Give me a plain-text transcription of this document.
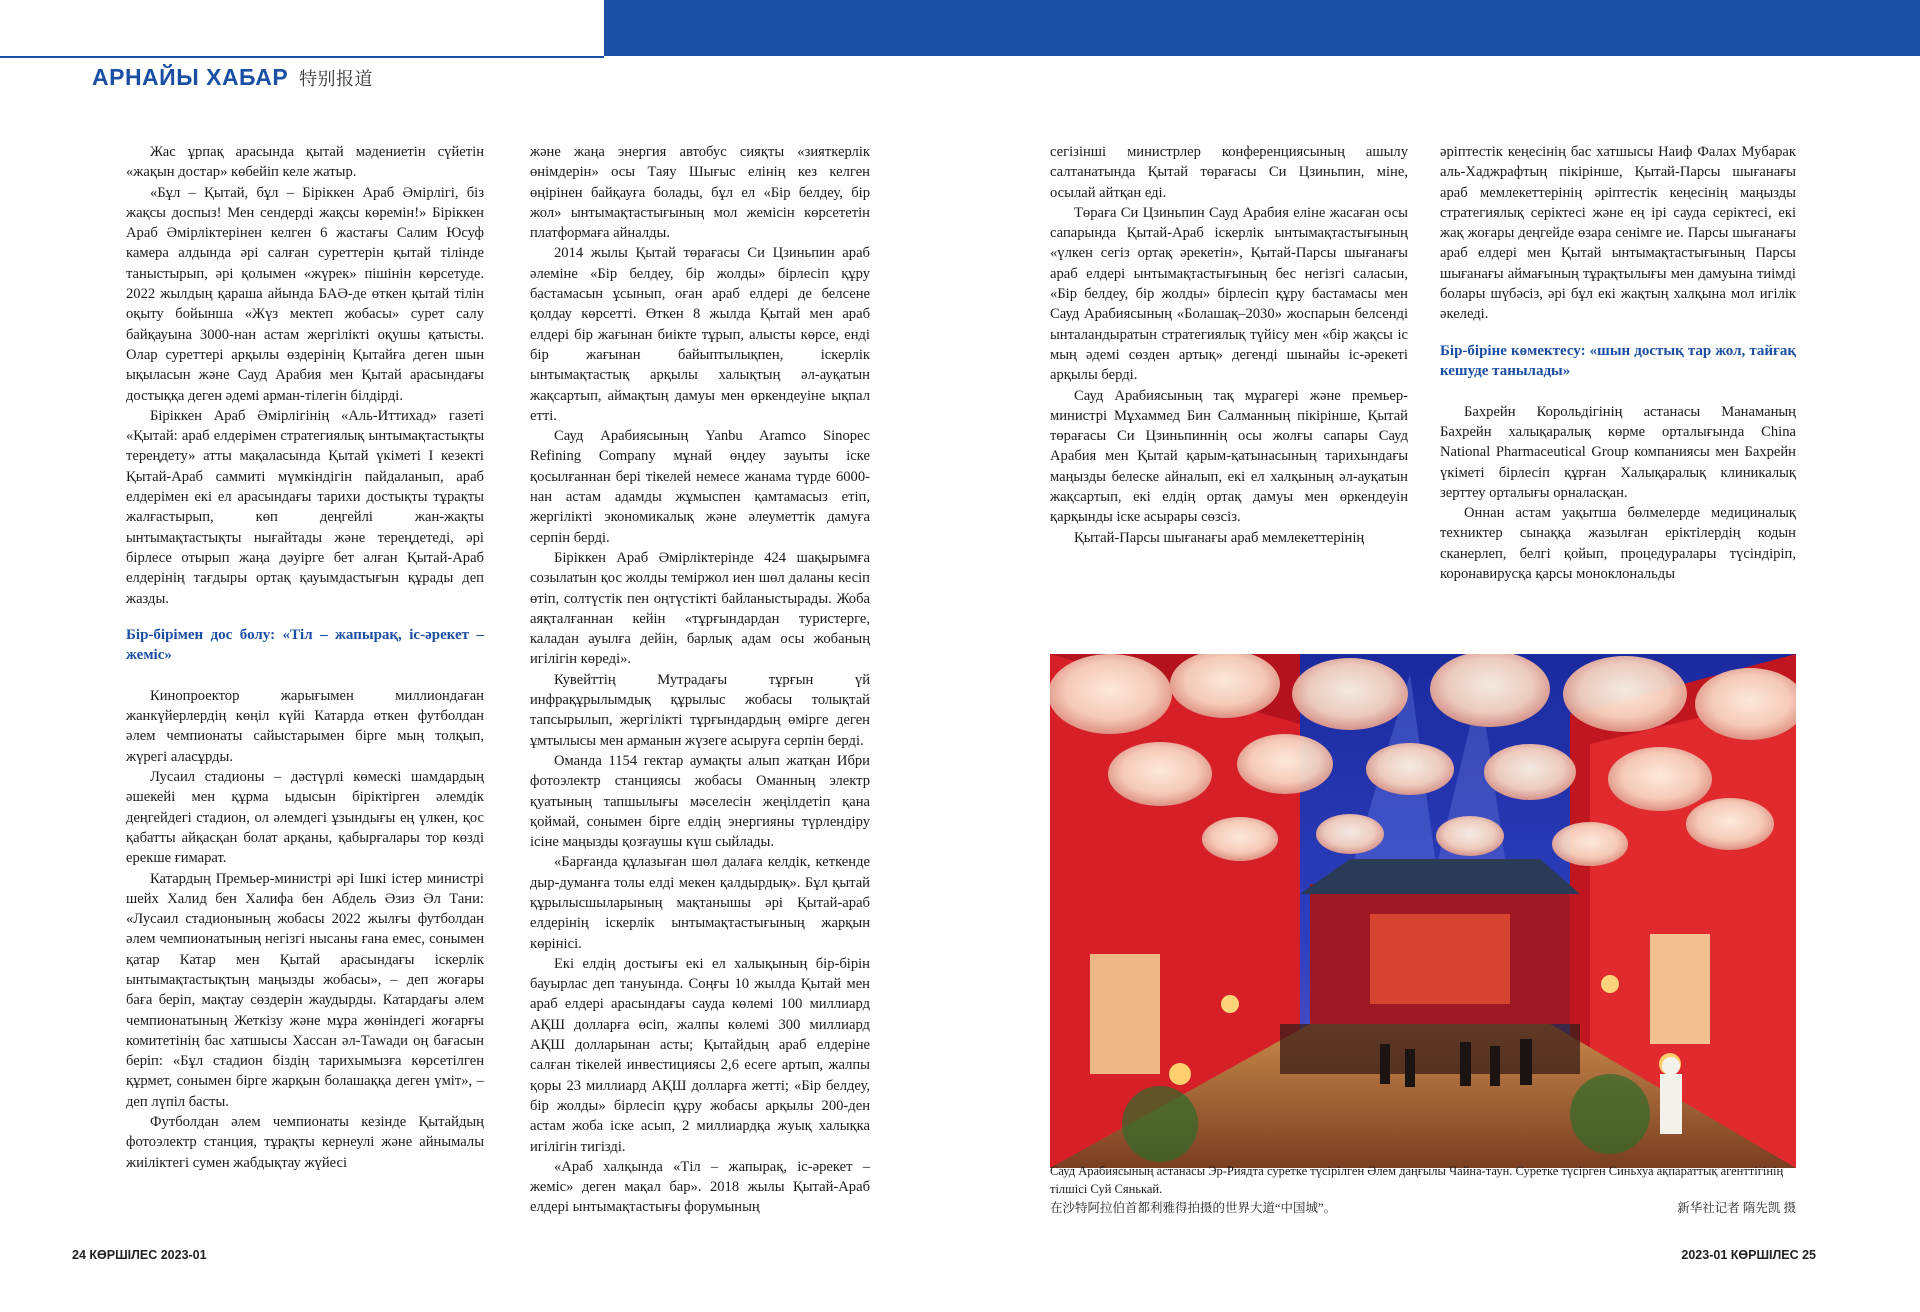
АРНАЙЫ ХАБАР 特别报道

Жас ұрпақ арасында қытай мәдениетін сүйетін «жақын достар» көбейіп келе жатыр.

«Бұл – Қытай, бұл – Біріккен Араб Әмірлігі, біз жақсы доспыз! Мен сендерді жақсы көремін!» Біріккен Араб Әмірліктерінен келген 6 жастағы Салим Юсуф камера алдында әрі салған суреттерін қытай тілінде таныстырып, әрі қолымен «жүрек» пішінін көрсетуде. 2022 жылдың қараша айында БАӘ-де өткен қытай тілін оқыту бойынша «Жүз мектеп жобасы» сурет салу байқауына 3000-нан астам жергілікті оқушы қатысты. Олар суреттері арқылы өздерінің Қытайға деген шын ықыласын және Сауд Арабия мен Қытай арасындағы достыққа деген әдемі арман-тілегін білдірді.

Біріккен Араб Әмірлігінің «Аль-Иттихад» газеті «Қытай: араб елдерімен стратегиялық ынтымақтастықты тереңдету» атты мақаласында Қытай үкіметі I кезекті Қытай-Араб саммиті мүмкіндігін пайдаланып, араб елдерімен екі ел арасындағы тарихи достықты тұрақты жалғастырып, көп деңгейлі жан-жақты ынтымақтастықты нығайтады және тереңдетеді, әрі бірлесе отырып жаңа дәуірге бет алған Қытай-Араб елдерінің тағдыры ортақ қауымдастығын құрады деп жазды.

Бір-бірімен дос болу: «Тіл – жапырақ, іс-әрекет – жеміс»

Кинопроектор жарығымен миллиондаған жанкүйерлердің көңіл күйі Катарда өткен футболдан әлем чемпионаты сайыстарымен бірге мың толқып, жүрегі аласұрды.

Лусаил стадионы – дәстүрлі көмескі шамдардың әшекейі мен құрма ыдысын біріктірген әлемдік деңгейдегі стадион, ол әлемдегі ұзындығы ең үлкен, қос қабатты айқасқан болат арқаны, қабырғалары тор көзді ерекше ғимарат.

Катардың Премьер-министрі әрі Ішкі істер министрі шейх Халид бен Халифа бен Абдель Әзиз Әл Тани: «Лусаил стадионының жобасы 2022 жылғы футболдан әлем чемпионатының негізгі нысаны ғана емес, сонымен қатар Катар мен Қытай арасындағы іскерлік ынтымақтастықтың маңызды жобасы», – деп жоғары баға беріп, мақтау сөздерін жаудырды. Катардағы әлем чемпионатының Жеткізу және мұра жөніндегі жоғарғы комитетінің бас хатшысы Хассан әл-Таwади оң бағасын беріп: «Бұл стадион біздің тарихымызға көрсетілген құрмет, сонымен бірге жарқын болашаққа деген үміт», – деп лүпіл басты.

Футболдан әлем чемпионаты кезінде Қытайдың фотоэлектр станция, тұрақты кернеулі және айнымалы жиіліктегі сумен жабдықтау жүйесі

және жаңа энергия автобус сияқты «зияткерлік өнімдерін» осы Таяу Шығыс елінің кез келген өңірінен байқауға болады, бұл ел «Бір белдеу, бір жол» ынтымақтастығының мол жемісін көрсететін платформаға айналды.

2014 жылы Қытай төрағасы Си Цзиньпин араб әлеміне «Бір белдеу, бір жолды» бірлесіп құру бастамасын ұсынып, оған араб елдері де белсене қолдау көрсетті. Өткен 8 жылда Қытай мен араб елдері бір жағынан биікте тұрып, алысты көрсе, енді бір жағынан байыптылықпен, іскерлік ынтымақтастық арқылы халықтың әл-ауқатын жақсартып, аймақтың дамуы мен өркендеуіне ықпал етті.

Сауд Арабиясының Yanbu Aramco Sinopec Refining Company мұнай өңдеу зауыты іске қосылғаннан бері тікелей немесе жанама түрде 6000-нан астам адамды жұмыспен қамтамасыз етіп, жергілікті экономикалық және әлеуметтік дамуға серпін берді.

Біріккен Араб Әмірліктерінде 424 шақырымға созылатын қос жолды теміржол иен шөл даланы кесіп өтіп, солтүстік пен оңтүстікті байланыстырады. Жоба аяқталғаннан кейін «тұрғындардан туристерге, каладан ауылға дейін, барлық адам осы жобаның игілігін көреді».

Кувейттің Мутрадағы тұрғын үй инфрақұрылымдық құрылыс жобасы толықтай тапсырылып, жергілікті тұрғындардың өміргe деген ұмтылысы мен арманын жүзеге асыруға серпін берді.

Оманда 1154 гектар аумақты алып жатқан Ибри фотоэлектр станциясы жобасы Оманның электр қуатының тапшылығы мәселесін жеңілдетіп қана қоймай, сонымен бірге елдің энергияны түрлендіру ісіне маңызды қозғаушы күш сыйлады.

«Барғанда құлазыған шөл далаға келдік, кеткенде дыр-думанға толы елді мекен қалдырдық». Бұл қытай құрылысшыларының мақтанышы әрі Қытай-араб елдерінің іскерлік ынтымақтастығының жарқын көрінісі.

Екі елдің достығы екі ел халықының бір-бірін бауырлас деп тануында. Соңғы 10 жылда Қытай мен араб елдері арасындағы сауда көлемі 100 миллиард АҚШ долларға өсіп, жалпы көлемі 300 миллиард АҚШ долларынан асты; Қытайдың араб елдеріне салған тікелей инвестициясы 2,6 есеге артып, жалпы қоры 23 миллиард АҚШ долларға жетті; «Бір белдеу, бір жолды» бірлесіп құру жобасы арқылы 200-ден астам жоба іске асып, 2 миллиардқа жуық халықка игілігін тигізді.

«Араб халқында «Тіл – жапырақ, іс-әрекет – жеміс» деген мақал бар». 2018 жылы Қытай-Араб елдері ынтымақтастығы форумының

сегізінші министрлер конференциясының ашылу салтанатында Қытай төрағасы Си Цзиньпин, міне, осылай айтқан еді.

Төраға Си Цзиньпин Сауд Арабия еліне жасаған осы сапарында Қытай-Араб іскерлік ынтымақтастығының «үлкен сегіз ортақ әрекетін», Қытай-Парсы шығанағы араб елдері ынтымақтастығының бес негізгі саласын, «Бір белдеу, бір жолды» бірлесіп құру бастамасы мен Сауд Арабиясының «Болашақ–2030» жоспарын белсенді ынталандыратын стратегиялық түйісу мен «бір жақсы іс мың әдемі сөзден артық» дегенді шынайы іс-әрекеті арқылы берді.

Сауд Арабиясының тақ мұрагері және премьер-министрі Мұхаммед Бин Салманның пікірінше, Қытай төрағасы Си Цзиньпиннің осы жолғы сапары Сауд Арабия мен Қытай қарым-қатынасының тарихындағы маңызды белеске айналып, екі ел халқының әл-ауқатын жақсартып, екі елдің ортақ дамуы мен өркендеуін қарқынды іске асырары сөзсіз.

Қытай-Парсы шығанағы араб мемлекеттерінің

әріптестік кеңесінің бас хатшысы Наиф Фалах Мубарак аль-Хаджрафтың пікірінше, Қытай-Парсы шығанағы араб мемлекеттерінің әріптестік кеңесінің маңызды стратегиялық серіктесі және ең ірі сауда серіктесі, екі жақ жоғары деңгейде өзара сенімге ие. Парсы шығанағы араб елдері мен Қытай ынтымақтастығының Парсы шығанағы аймағының тұрақтылығы мен дамуына тиімді болары шүбәсіз, әрі бұл екі жақтың халқына мол игілік әкеледі.

Бір-біріне көмектесу: «шын достық тар жол, тайғақ кешуде танылады»

Бахрейн Корольдігінің астанасы Манаманың Бахрейн халықаралық көрме орталығында China National Pharmaceutical Group компаниясы мен Бахрейн үкіметі бірлесіп құрған Халықаралық клиникалық зерттеу орталығы орналасқан.

Оннан астам уақытша бөлмелерде медициналық техниктер сынаққа жазылған еріктілердің кодын сканерлеп, белгі қойып, процедуралары түсіндіріп, коронавирусқа қарсы моноклональды

Сауд Арабиясының астанасы Эр-Риядта суретке түсірілген Әлем даңғылы Чайна-таун. Суретке түсірген Синьхуа ақпараттық агенттігінің тілшісі Суй Сянькай.
在沙特阿拉伯首都利雅得拍摄的世界大道“中国城”。	新华社记者 隋先凯 摄
24 КӨРШІЛЕС 2023-01	2023-01 КӨРШІЛЕС 25
